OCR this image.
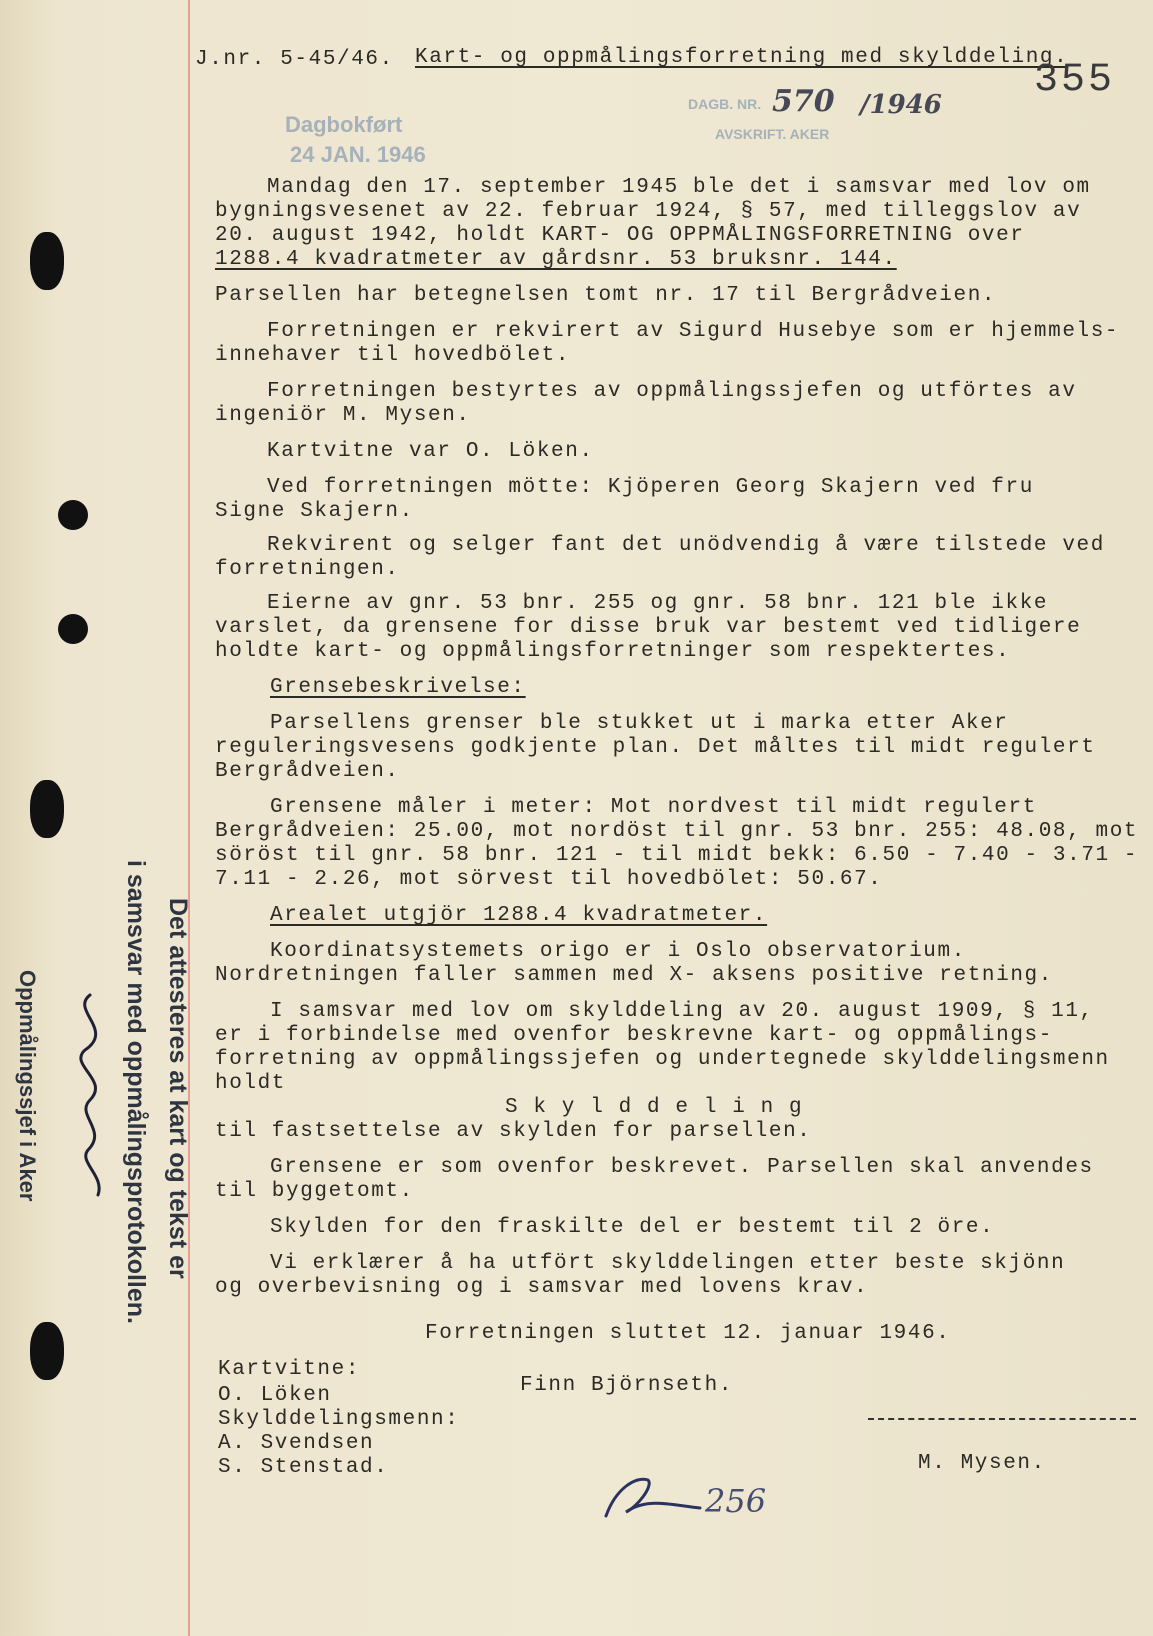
J.nr. 5-45/46. Kart- og oppmålingsforretning med skylddeling.
355
Dagbokført
24 JAN. 1946
DAGB. NR. 570 /1946
AVSKRIFT. AKER
Mandag den 17. september 1945 ble det i samsvar med lov om
bygningsvesenet av 22. februar 1924, § 57, med tilleggslov av
20. august 1942, holdt KART- OG OPPMÅLINGSFORRETNING over
1288.4 kvadratmeter av gårdsnr. 53 bruksnr. 144.
Parsellen har betegnelsen tomt nr. 17 til Bergrådveien.
Forretningen er rekvirert av Sigurd Husebye som er hjemmels-
innehaver til hovedbölet.
Forretningen bestyrtes av oppmålingssjefen og utförtes av
ingeniör M. Mysen.
Kartvitne var O. Löken.
Ved forretningen mötte: Kjöperen Georg Skajern ved fru
Signe Skajern.
Rekvirent og selger fant det unödvendig å være tilstede ved
forretningen.
Eierne av gnr. 53 bnr. 255 og gnr. 58 bnr. 121 ble ikke
varslet, da grensene for disse bruk var bestemt ved tidligere
holdte kart- og oppmålingsforretninger som respektertes.
Grensebeskrivelse:
Parsellens grenser ble stukket ut i marka etter Aker
reguleringsvesens godkjente plan. Det måltes til midt regulert
Bergrådveien.
Grensene måler i meter: Mot nordvest til midt regulert
Bergrådveien: 25.00, mot nordöst til gnr. 53 bnr. 255: 48.08, mot
söröst til gnr. 58 bnr. 121 - til midt bekk: 6.50 - 7.40 - 3.71 -
7.11 - 2.26, mot sörvest til hovedbölet: 50.67.
Arealet utgjör 1288.4 kvadratmeter.
Koordinatsystemets origo er i Oslo observatorium.
Nordretningen faller sammen med X- aksens positive retning.
I samsvar med lov om skylddeling av 20. august 1909, § 11,
er i forbindelse med ovenfor beskrevne kart- og oppmålings-
forretning av oppmålingssjefen og undertegnede skylddelingsmenn
holdt
S k y l d d e l i n g
til fastsettelse av skylden for parsellen.
Grensene er som ovenfor beskrevet. Parsellen skal anvendes
til byggetomt.
Skylden for den fraskilte del er bestemt til 2 öre.
Vi erklærer å ha utfört skylddelingen etter beste skjönn
og overbevisning og i samsvar med lovens krav.
Forretningen sluttet 12. januar 1946.
Kartvitne:
O. Löken	Finn Björnseth.
Skylddelingsmenn:
A. Svendsen
S. Stenstad.	M. Mysen.
256
Det attesteres at kart og tekst er
i samsvar med oppmålingsprotokollen.
Oppmålingssjef i Aker
